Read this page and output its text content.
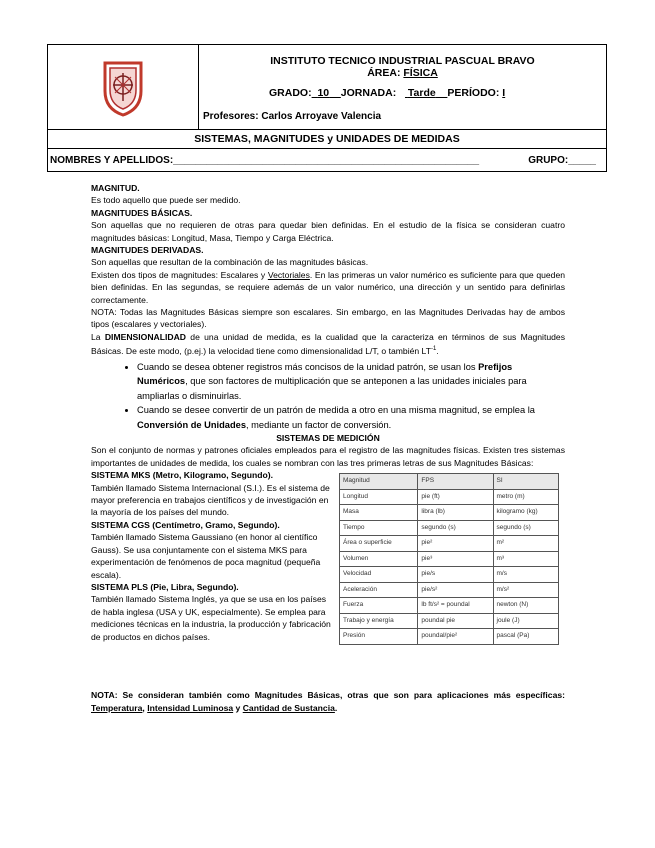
INSTITUTO TECNICO INDUSTRIAL PASCUAL BRAVO
ÁREA: FÍSICA
GRADO: 10 JORNADA: Tarde PERÍODO: I
Profesores: Carlos Arroyave Valencia

SISTEMAS, MAGNITUDES y UNIDADES DE MEDIDAS
NOMBRES Y APELLIDOS:_______________________________________________________	GRUPO:_____

MAGNITUD.

Es todo aquello que puede ser medido.

MAGNITUDES BÁSICAS.

Son aquellas que no requieren de otras para quedar bien definidas. En el estudio de la física se consideran cuatro magnitudes básicas: Longitud, Masa, Tiempo y Carga Eléctrica.

MAGNITUDES DERIVADAS.

Son aquellas que resultan de la combinación de las magnitudes básicas.

Existen dos tipos de magnitudes: Escalares y Vectoriales. En las primeras un valor numérico es suficiente para que queden bien definidas. En las segundas, se requiere además de un valor numérico, una dirección y un sentido para definirlas correctamente.

NOTA: Todas las Magnitudes Básicas siempre son escalares. Sin embargo, en las Magnitudes Derivadas hay de ambos tipos (escalares y vectoriales).

La DIMENSIONALIDAD de una unidad de medida, es la cualidad que la caracteriza en términos de sus Magnitudes Básicas. De este modo, (p.ej.) la velocidad tiene como dimensionalidad L/T, o también $LT^{-1}$.

• Cuando se desea obtener registros más concisos de la unidad patrón, se usan los Prefijos Numéricos, que son factores de multiplicación que se anteponen a las unidades iniciales para ampliarlas o disminuirlas.
• Cuando se desee convertir de un patrón de medida a otro en una misma magnitud, se emplea la Conversión de Unidades, mediante un factor de conversión.

SISTEMAS DE MEDICIÓN

Son el conjunto de normas y patrones oficiales empleados para el registro de las magnitudes físicas. Existen tres sistemas importantes de unidades de medida, los cuales se nombran con las tres primeras letras de sus Magnitudes Básicas:

SISTEMA MKS (Metro, Kilogramo, Segundo).

También llamado Sistema Internacional (S.I.). Es el sistema de mayor preferencia en trabajos científicos y de investigación en la mayoría de los países del mundo.

SISTEMA CGS (Centímetro, Gramo, Segundo).

También llamado Sistema Gaussiano (en honor al científico Gauss). Se usa conjuntamente con el sistema MKS para experimentación de fenómenos de poca magnitud (pequeña escala).

SISTEMA PLS (Pie, Libra, Segundo).

También llamado Sistema Inglés, ya que se usa en los países de habla inglesa (USA y UK, especialmente). Se emplea para mediciones técnicas en la industria, la producción y fabricación de productos en dichos países.

Magnitud	FPS	SI
Longitud	pie (ft)	metro (m)
Masa	libra (lb)	kilogramo (kg)
Tiempo	segundo (s)	segundo (s)
Área o superficie	pie²	m²
Volumen	pie³	m³
Velocidad	pie/s	m/s
Aceleración	pie/s²	m/s²
Fuerza	lb ft/s² = poundal	newton (N)
Trabajo y energía	poundal pie	joule (J)
Presión	poundal/pie²	pascal (Pa)

NOTA: Se consideran también como Magnitudes Básicas, otras que son para aplicaciones más específicas: Temperatura, Intensidad Luminosa y Cantidad de Sustancia.
